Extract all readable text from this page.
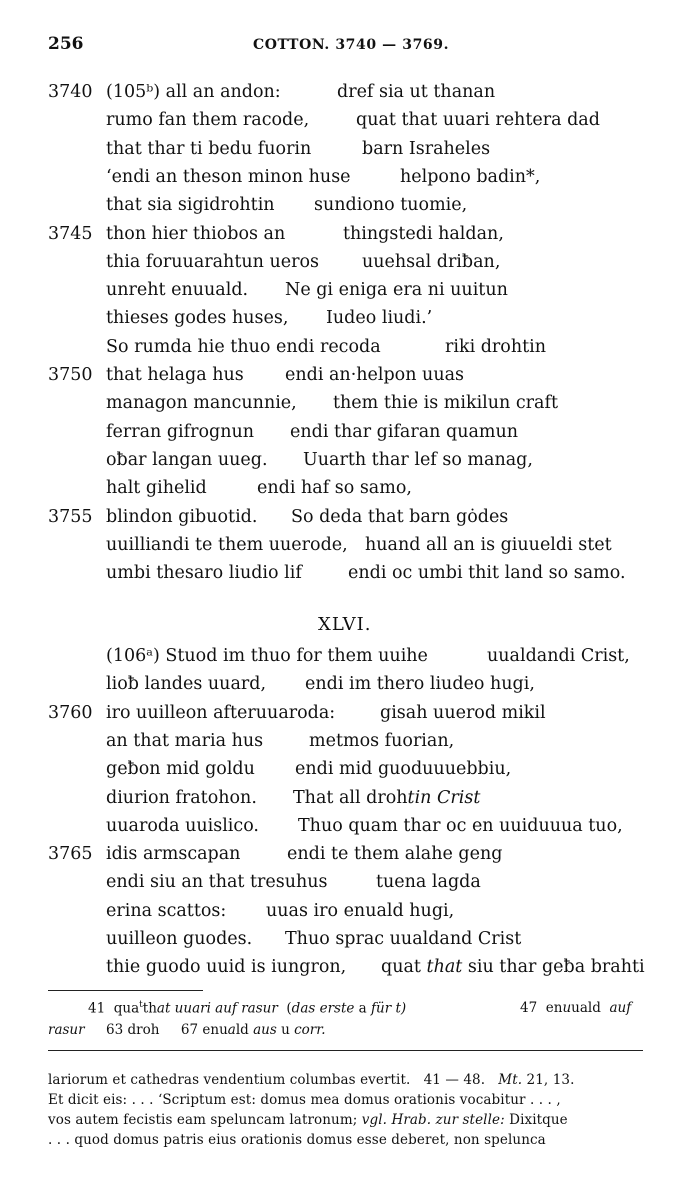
256	COTTON. 3740 — 3769.
3740 (105ᵇ) all an andon:	dref sia ut thanan
rumo fan them racode,	quat that uuari rehtera dad
that thar ti bedu fuorin	barn Israheles
‘endi an theson minon huse	helpono badin*,
that sia sigidrohtin sundiono tuomie,
3745 thon hier thiobos an	thingstedi haldan,
thia foruuarahtun ueros uuehsal driƀan,
unreht enuuald. Ne gi eniga era ni uuitun
thieses godes huses, Iudeo liudi.’
So rumda hie thuo endi recoda	riki drohtin
3750 that helaga hus endi an·helpon uuas
managon mancunnie, them thie is mikilun craft
ferran gifrognun endi thar gifaran quamun
oƀar langan uueg. Uuarth thar lef so manag,
halt gihelid	endi haf so samo,
3755 blindon gibuotid. So deda that barn gȯdes
uuilliandi te them uuerode, huand all an is giuueldi stet
umbi thesaro liudio lif	endi oc umbi thit land so samo.
XLVI.
(106ᵃ) Stuod im thuo for them uuihe	uualdandi Crist,
lioƀ landes uuard, endi im thero liudeo hugi,
3760 iro uuilleon afteruuaroda:	gisah uuerod mikil
an that maria hus	metmos fuorian,
geƀon mid goldu endi mid guoduuuebbiu,
diurion fratohon. That all drohtin Crist
uuaroda uuislico. Thuo quam thar oc en uuiduuua tuo,
3765 idis armscapan	endi te them alahe geng
endi siu an that tresuhus	tuena lagda
erina scattos: uuas iro enuald hugi,
uuilleon guodes. Thuo sprac uualdand Crist
thie guodo uuid is iungron, quat that siu thar geƀa brahti
41 qua$^t$that uuari auf rasur (das erste a für t)	47 enuuald auf
rasur 63 droh 67 enuald aus u corr.
lariorum et cathedras vendentium columbas evertit. 41 — 48. Mt. 21, 13.
Et dicit eis: . . . ‘Scriptum est: domus mea domus orationis vocabitur . . . ,
vos autem fecistis eam speluncam latronum; vgl. Hrab. zur stelle: Dixitque
. . . quod domus patris eius orationis domus esse deberet, non spelunca
